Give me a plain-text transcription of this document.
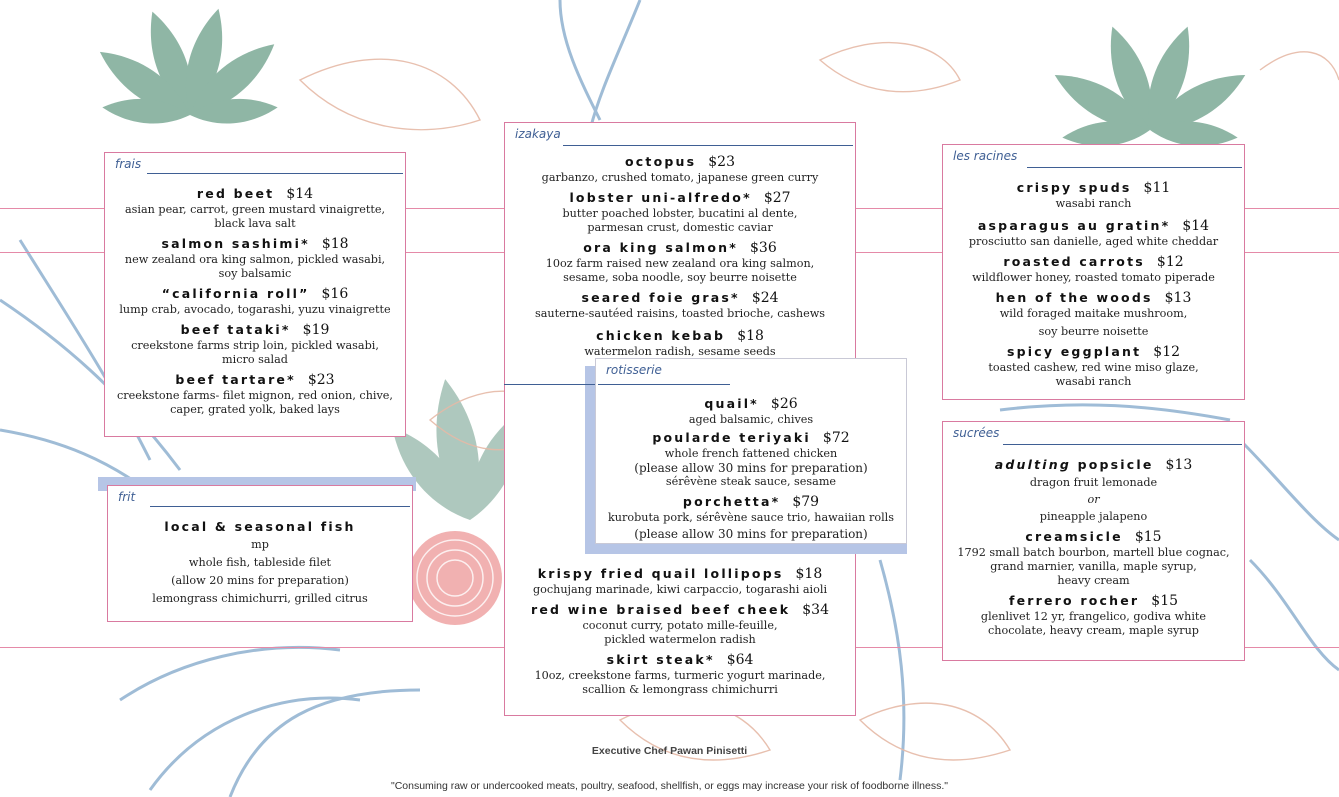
frais
red beet $14
asian pear, carrot, green mustard vinaigrette,
black lava salt
salmon sashimi* $18
new zealand ora king salmon, pickled wasabi,
soy balsamic
“california roll” $16
lump crab, avocado, togarashi, yuzu vinaigrette
beef tataki* $19
creekstone farms strip loin, pickled wasabi,
micro salad
beef tartare* $23
creekstone farms- filet mignon, red onion, chive,
caper, grated yolk, baked lays
frit
local & seasonal fish
mp
whole fish, tableside filet
(allow 20 mins for preparation)
lemongrass chimichurri, grilled citrus
izakaya
octopus $23
garbanzo, crushed tomato, japanese green curry
lobster uni-alfredo* $27
butter poached lobster, bucatini al dente,
parmesan crust, domestic caviar
ora king salmon* $36
10oz farm raised new zealand ora king salmon,
sesame, soba noodle, soy beurre noisette
seared foie gras* $24
sauterne-sautéed raisins, toasted brioche, cashews
chicken kebab $18
watermelon radish, sesame seeds
krispy fried quail lollipops $18
gochujang marinade, kiwi carpaccio, togarashi aioli
red wine braised beef cheek $34
coconut curry, potato mille-feuille,
pickled watermelon radish
skirt steak* $64
10oz, creekstone farms, turmeric yogurt marinade,
scallion & lemongrass chimichurri
rotisserie
quail* $26
aged balsamic, chives
poularde teriyaki $72
whole french fattened chicken
(please allow 30 mins for preparation)
sérêvène steak sauce, sesame
porchetta* $79
kurobuta pork, sérêvène sauce trio, hawaiian rolls
(please allow 30 mins for preparation)
les racines
crispy spuds $11
wasabi ranch
asparagus au gratin* $14
prosciutto san danielle, aged white cheddar
roasted carrots $12
wildflower honey, roasted tomato piperade
hen of the woods $13
wild foraged maitake mushroom,
soy beurre noisette
spicy eggplant $12
toasted cashew, red wine miso glaze,
wasabi ranch
sucrées
adulting popsicle $13
dragon fruit lemonade
or
pineapple jalapeno
creamsicle $15
1792 small batch bourbon, martell blue cognac,
grand marnier, vanilla, maple syrup,
heavy cream
ferrero rocher $15
glenlivet 12 yr, frangelico, godiva white
chocolate, heavy cream, maple syrup
Executive Chef Pawan Pinisetti
"Consuming raw or undercooked meats, poultry, seafood, shellfish, or eggs may increase your risk of foodborne illness."
